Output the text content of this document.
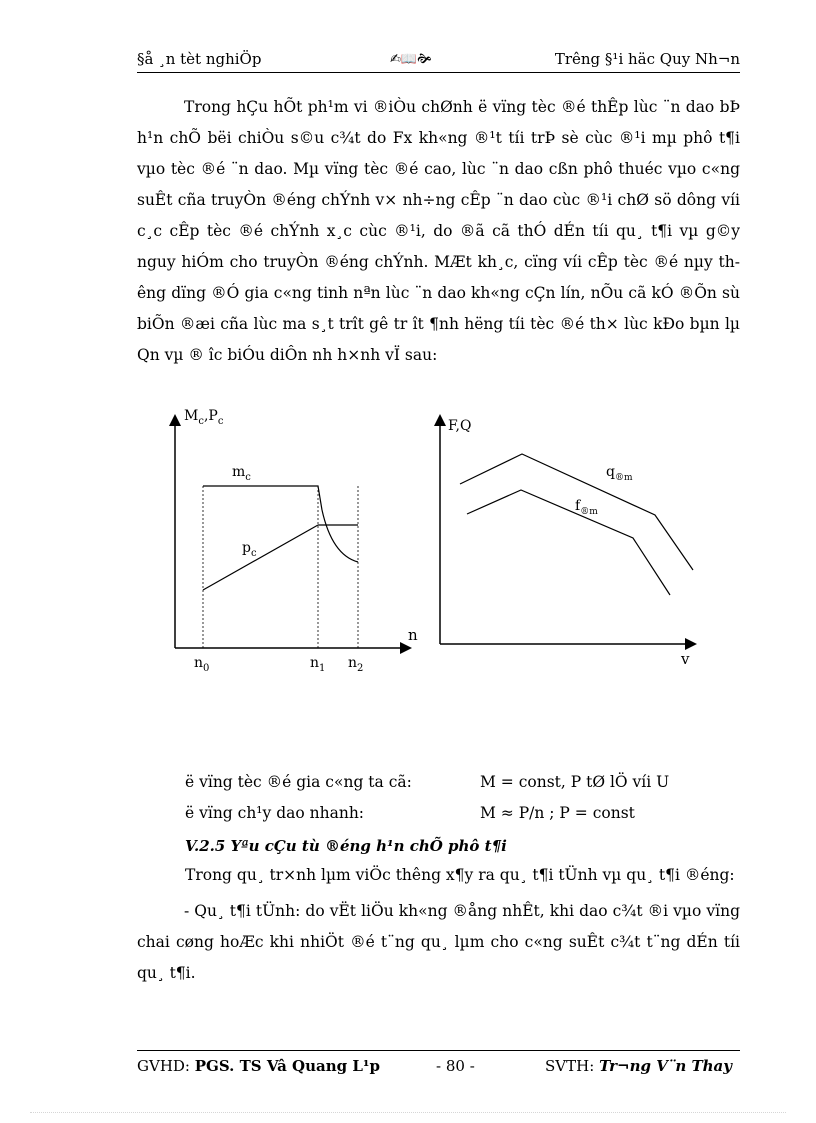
§å ¸n tèt nghiÖp	✍📖🙞	Trêng §¹i häc Quy Nh¬n
Trong hÇu hÕt ph¹m vi ®iÒu chØnh ë vïng tèc ®é thÊp lùc ¨n dao bÞ h¹n chÕ bëi chiÒu s©u c¾t do Fx kh«ng ®¹t tíi trÞ sè cùc ®¹i mµ phô t¶i vµo tèc ®é ¨n dao. Mµ vïng tèc ®é cao, lùc ¨n dao cßn phô thuéc vµo c«ng suÊt cña truyÒn ®éng chÝnh v× nh÷ng cÊp ¨n dao cùc ®¹i chØ sö dông víi c¸c cÊp tèc ®é chÝnh x¸c cùc ®¹i, do ®ã cã thÓ dÉn tíi qu¸ t¶i vµ g©y nguy hiÓm cho truyÒn ®éng chÝnh. MÆt kh¸c, cïng víi cÊp tèc ®é nµy thêng dïng ®Ó gia c«ng tinh nªn lùc ¨n dao kh«ng cÇn lín, nÕu cã kÓ ®Õn sù biÕn ®æi cña lùc ma s¸t trît gê tr ît ¶nh hëng tíi tèc ®é th× lùc kÐo bµn lµ Qn vµ ® îc biÓu diÔn nh h×nh vÏ sau:
$M_c,P_c$
n
$m_c$
$p_c$
$n_0$	$n_1$ $n_2$
F,Q
v
$q_{®m}$
$f_{®m}$
ë vïng tèc ®é gia c«ng ta cã:	M = const, P tØ lÖ víi U
ë vïng ch¹y dao nhanh:	M ≈ P/n ; P = const
V.2.5 Yªu cÇu tù ®éng h¹n chÕ phô t¶i
Trong qu¸ tr×nh lµm viÖc thêng x¶y ra qu¸ t¶i tÜnh vµ qu¸ t¶i ®éng:
- Qu¸ t¶i tÜnh: do vËt liÖu kh«ng ®ång nhÊt, khi dao c¾t ®i vµo vïng chai cøng hoÆc khi nhiÖt ®é t¨ng qu¸ lµm cho c«ng suÊt c¾t t¨ng dÉn tíi qu¸ t¶i.
GVHD: PGS. TS Vâ Quang L¹p	- 80 -	SVTH: Tr¬ng V¨n Thay
